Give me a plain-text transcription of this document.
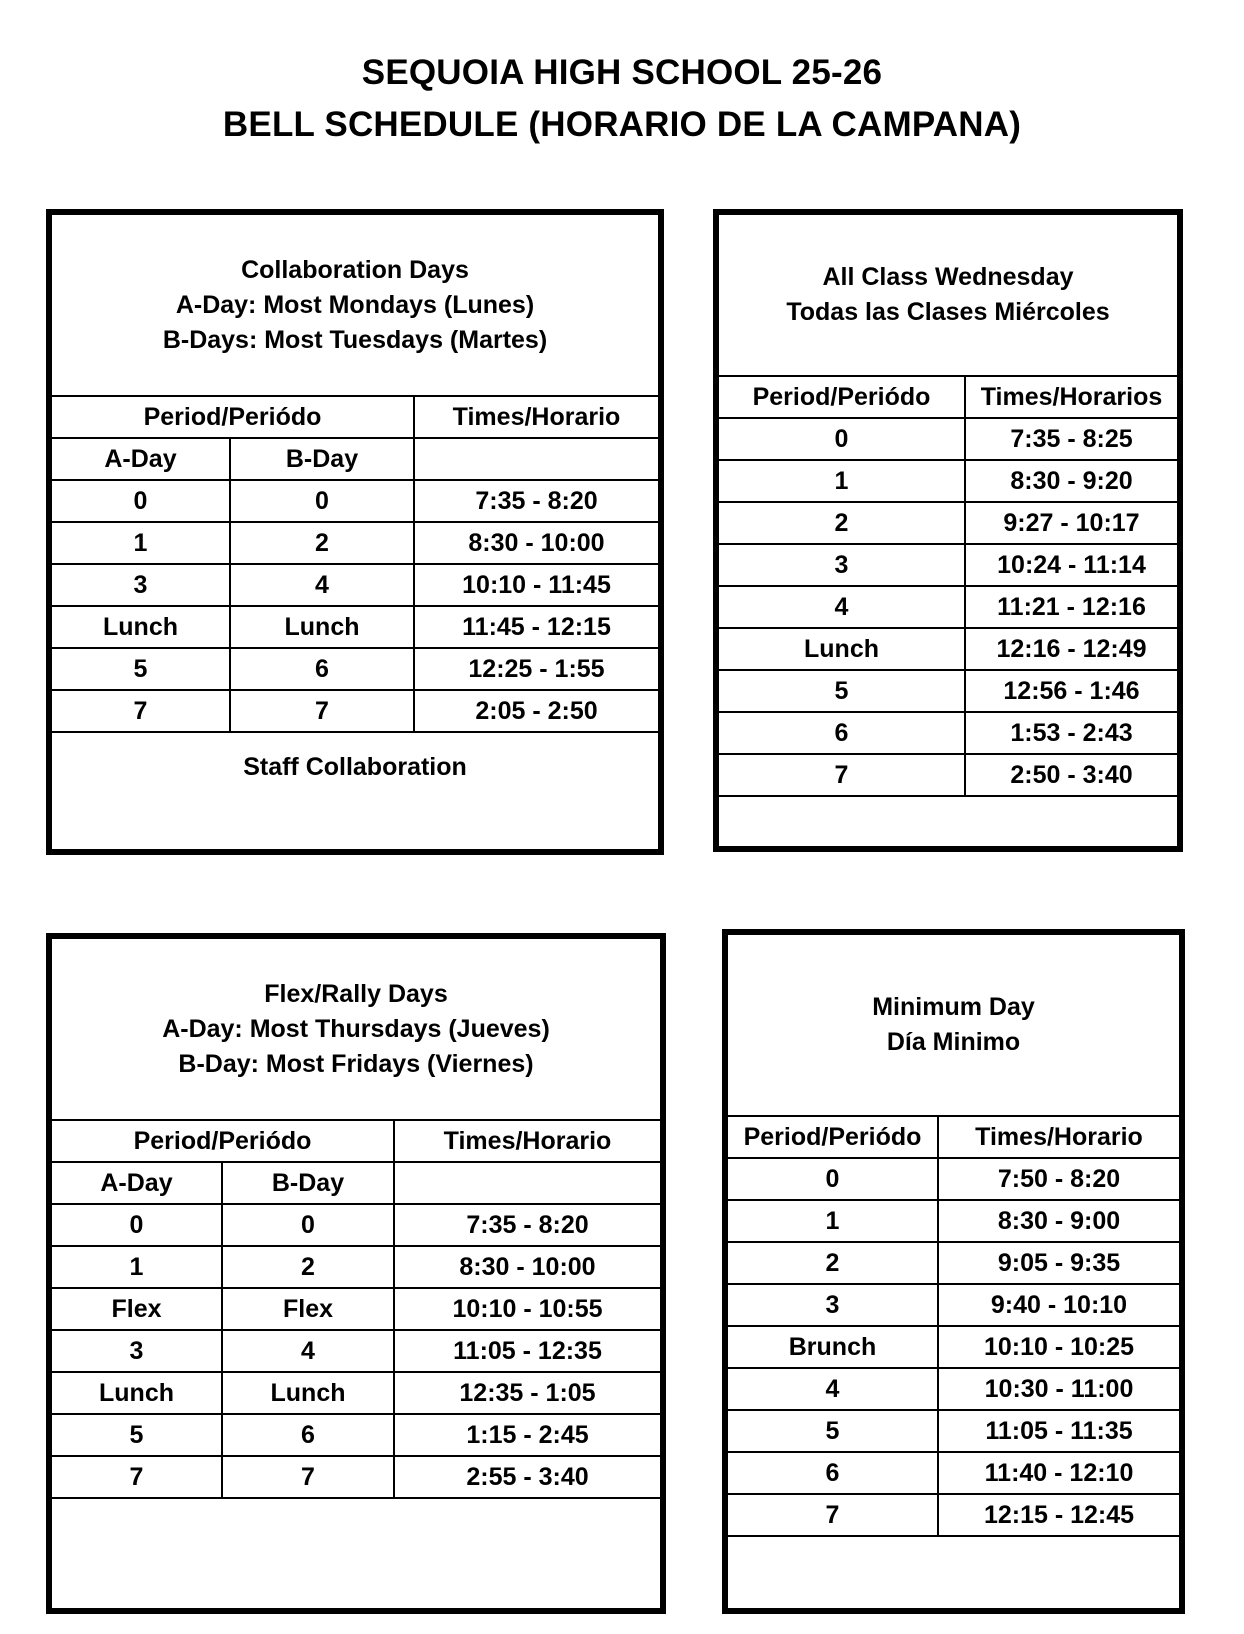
SEQUOIA HIGH SCHOOL 25-26
BELL SCHEDULE (HORARIO DE LA CAMPANA)
Collaboration Days
A-Day: Most Mondays (Lunes)
B-Days: Most Tuesdays (Martes)
Period/Periódo		Times/Horario
A-Day	B-Day	
0	0	7:35 - 8:20
1	2	8:30 - 10:00
3	4	10:10 - 11:45
Lunch	Lunch	11:45 - 12:15
5	6	12:25 - 1:55
7	7	2:05 - 2:50
Staff Collaboration
All Class Wednesday
Todas las Clases Miércoles
Period/Periódo	Times/Horarios
0	7:35 - 8:25
1	8:30 - 9:20
2	9:27 - 10:17
3	10:24 - 11:14
4	11:21 - 12:16
Lunch	12:16 - 12:49
5	12:56 - 1:46
6	1:53 - 2:43
7	2:50 - 3:40
Flex/Rally Days
A-Day: Most Thursdays (Jueves)
B-Day: Most Fridays (Viernes)
Period/Periódo		Times/Horario
A-Day	B-Day	
0	0	7:35 - 8:20
1	2	8:30 - 10:00
Flex	Flex	10:10 - 10:55
3	4	11:05 - 12:35
Lunch	Lunch	12:35 - 1:05
5	6	1:15 - 2:45
7	7	2:55 - 3:40
Minimum Day
Día Minimo
Period/Periódo	Times/Horario
0	7:50 - 8:20
1	8:30 - 9:00
2	9:05 - 9:35
3	9:40 - 10:10
Brunch	10:10 - 10:25
4	10:30 - 11:00
5	11:05 - 11:35
6	11:40 - 12:10
7	12:15 - 12:45
